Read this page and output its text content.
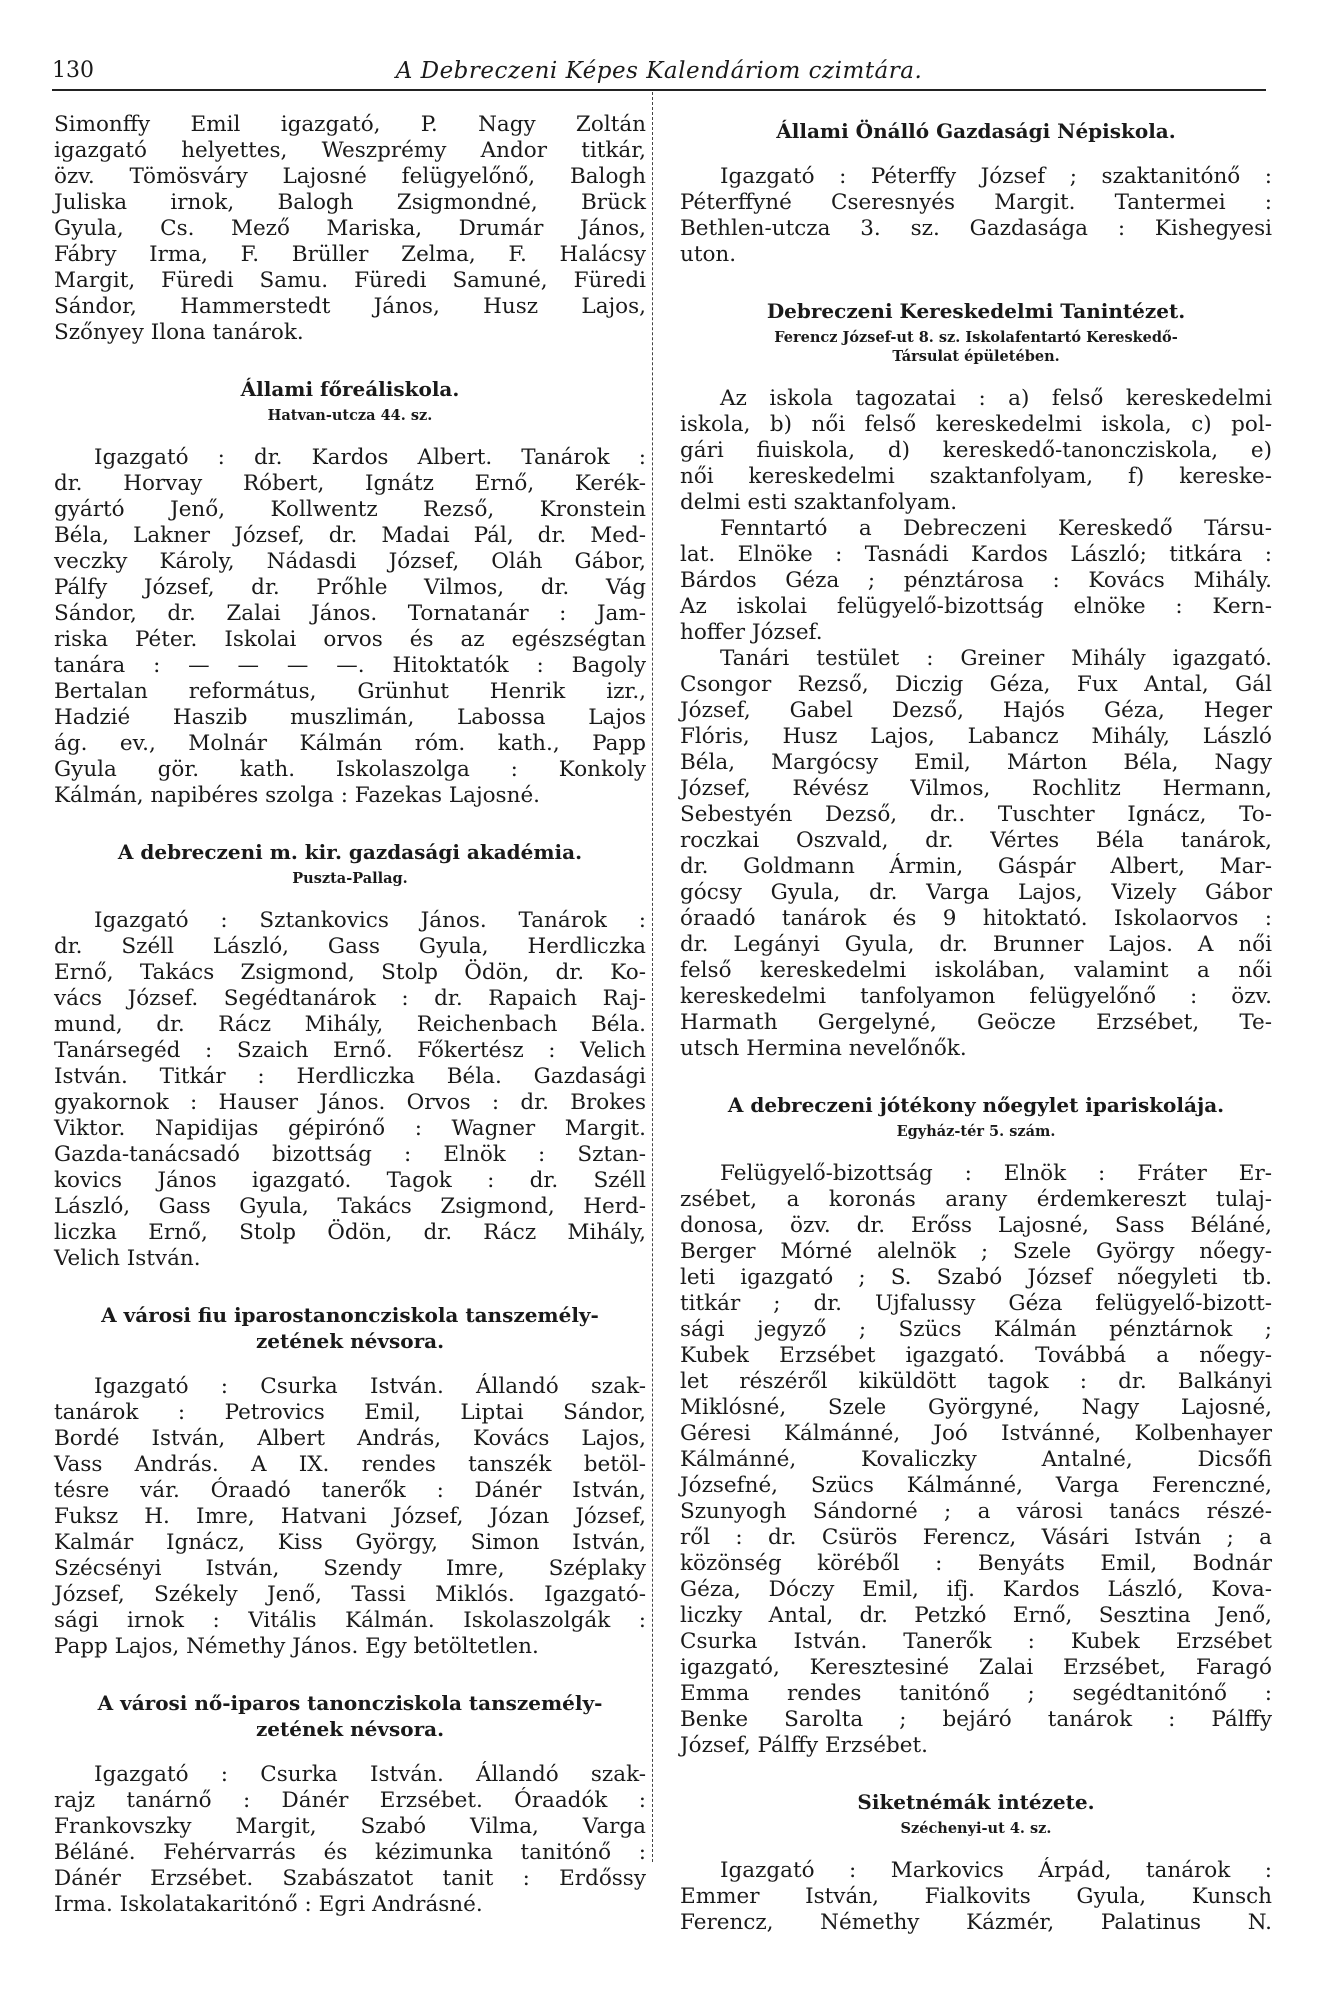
130	A Debreczeni Képes Kalendáriom czimtára.
Simonffy Emil igazgató, P. Nagy Zoltán
igazgató helyettes, Weszprémy Andor titkár,
özv. Tömösváry Lajosné felügyelőnő, Balogh
Juliska irnok, Balogh Zsigmondné, Brück
Gyula, Cs. Mező Mariska, Drumár János,
Fábry Irma, F. Brüller Zelma, F. Halácsy
Margit, Füredi Samu. Füredi Samuné, Füredi
Sándor, Hammerstedt János, Husz Lajos,
Szőnyey Ilona tanárok.
Állami főreáliskola.
Hatvan-utcza 44. sz.
Igazgató : dr. Kardos Albert. Tanárok :
dr. Horvay Róbert, Ignátz Ernő, Kerék-
gyártó Jenő, Kollwentz Rezső, Kronstein
Béla, Lakner József, dr. Madai Pál, dr. Med-
veczky Károly, Nádasdi József, Oláh Gábor,
Pálfy József, dr. Prőhle Vilmos, dr. Vág
Sándor, dr. Zalai János. Tornatanár : Jam-
riska Péter. Iskolai orvos és az egészségtan
tanára : — — — —. Hitoktatók : Bagoly
Bertalan református, Grünhut Henrik izr.,
Hadzié Haszib muszlimán, Labossa Lajos
ág. ev., Molnár Kálmán róm. kath., Papp
Gyula gör. kath. Iskolaszolga : Konkoly
Kálmán, napibéres szolga : Fazekas Lajosné.
A debreczeni m. kir. gazdasági akadémia.
Puszta-Pallag.
Igazgató : Sztankovics János. Tanárok :
dr. Széll László, Gass Gyula, Herdliczka
Ernő, Takács Zsigmond, Stolp Ödön, dr. Ko-
vács József. Segédtanárok : dr. Rapaich Raj-
mund, dr. Rácz Mihály, Reichenbach Béla.
Tanársegéd : Szaich Ernő. Főkertész : Velich
István. Titkár : Herdliczka Béla. Gazdasági
gyakornok : Hauser János. Orvos : dr. Brokes
Viktor. Napidijas gépirónő : Wagner Margit.
Gazda-tanácsadó bizottság : Elnök : Sztan-
kovics János igazgató. Tagok : dr. Széll
László, Gass Gyula, Takács Zsigmond, Herd-
liczka Ernő, Stolp Ödön, dr. Rácz Mihály,
Velich István.
A városi fiu iparostanoncziskola tanszemély-
zetének névsora.
Igazgató : Csurka István. Állandó szak-
tanárok : Petrovics Emil, Liptai Sándor,
Bordé István, Albert András, Kovács Lajos,
Vass András. A IX. rendes tanszék betöl-
tésre vár. Óraadó tanerők : Dánér István,
Fuksz H. Imre, Hatvani József, Józan József,
Kalmár Ignácz, Kiss György, Simon István,
Szécsényi István, Szendy Imre, Széplaky
József, Székely Jenő, Tassi Miklós. Igazgató-
sági irnok : Vitális Kálmán. Iskolaszolgák :
Papp Lajos, Némethy János. Egy betöltetlen.
A városi nő-iparos tanoncziskola tanszemély-
zetének névsora.
Igazgató : Csurka István. Állandó szak-
rajz tanárnő : Dánér Erzsébet. Óraadók :
Frankovszky Margit, Szabó Vilma, Varga
Béláné. Fehérvarrás és kézimunka tanitónő :
Dánér Erzsébet. Szabászatot tanit : Erdőssy
Irma. Iskolatakaritónő : Egri Andrásné.
Állami Önálló Gazdasági Népiskola.
Igazgató : Péterffy József ; szaktanitónő :
Péterffyné Cseresnyés Margit. Tantermei :
Bethlen-utcza 3. sz. Gazdasága : Kishegyesi
uton.
Debreczeni Kereskedelmi Tanintézet.
Ferencz József-ut 8. sz. Iskolafentartó Kereskedő-
Társulat épületében.
Az iskola tagozatai : a) felső kereskedelmi
iskola, b) női felső kereskedelmi iskola, c) pol-
gári fiuiskola, d) kereskedő-tanoncziskola, e)
női kereskedelmi szaktanfolyam, f) kereske-
delmi esti szaktanfolyam.
Fenntartó a Debreczeni Kereskedő Társu-
lat. Elnöke : Tasnádi Kardos László; titkára :
Bárdos Géza ; pénztárosa : Kovács Mihály.
Az iskolai felügyelő-bizottság elnöke : Kern-
hoffer József.
Tanári testület : Greiner Mihály igazgató.
Csongor Rezső, Diczig Géza, Fux Antal, Gál
József, Gabel Dezső, Hajós Géza, Heger
Flóris, Husz Lajos, Labancz Mihály, László
Béla, Margócsy Emil, Márton Béla, Nagy
József, Révész Vilmos, Rochlitz Hermann,
Sebestyén Dezső, dr.. Tuschter Ignácz, To-
roczkai Oszvald, dr. Vértes Béla tanárok,
dr. Goldmann Ármin, Gáspár Albert, Mar-
gócsy Gyula, dr. Varga Lajos, Vizely Gábor
óraadó tanárok és 9 hitoktató. Iskolaorvos :
dr. Legányi Gyula, dr. Brunner Lajos. A női
felső kereskedelmi iskolában, valamint a női
kereskedelmi tanfolyamon felügyelőnő : özv.
Harmath Gergelyné, Geöcze Erzsébet, Te-
utsch Hermina nevelőnők.
A debreczeni jótékony nőegylet ipariskolája.
Egyház-tér 5. szám.
Felügyelő-bizottság : Elnök : Fráter Er-
zsébet, a koronás arany érdemkereszt tulaj-
donosa, özv. dr. Erőss Lajosné, Sass Béláné,
Berger Mórné alelnök ; Szele György nőegy-
leti igazgató ; S. Szabó József nőegyleti tb.
titkár ; dr. Ujfalussy Géza felügyelő-bizott-
sági jegyző ; Szücs Kálmán pénztárnok ;
Kubek Erzsébet igazgató. Továbbá a nőegy-
let részéről kiküldött tagok : dr. Balkányi
Miklósné, Szele Györgyné, Nagy Lajosné,
Géresi Kálmánné, Joó Istvánné, Kolbenhayer
Kálmánné, Kovaliczky Antalné, Dicsőfi
Józsefné, Szücs Kálmánné, Varga Ferenczné,
Szunyogh Sándorné ; a városi tanács részé-
ről : dr. Csürös Ferencz, Vásári István ; a
közönség köréből : Benyáts Emil, Bodnár
Géza, Dóczy Emil, ifj. Kardos László, Kova-
liczky Antal, dr. Petzkó Ernő, Sesztina Jenő,
Csurka István. Tanerők : Kubek Erzsébet
igazgató, Keresztesiné Zalai Erzsébet, Faragó
Emma rendes tanitónő ; segédtanitónő :
Benke Sarolta ; bejáró tanárok : Pálffy
József, Pálffy Erzsébet.
Siketnémák intézete.
Széchenyi-ut 4. sz.
Igazgató : Markovics Árpád, tanárok :
Emmer István, Fialkovits Gyula, Kunsch
Ferencz, Némethy Kázmér, Palatinus N.
